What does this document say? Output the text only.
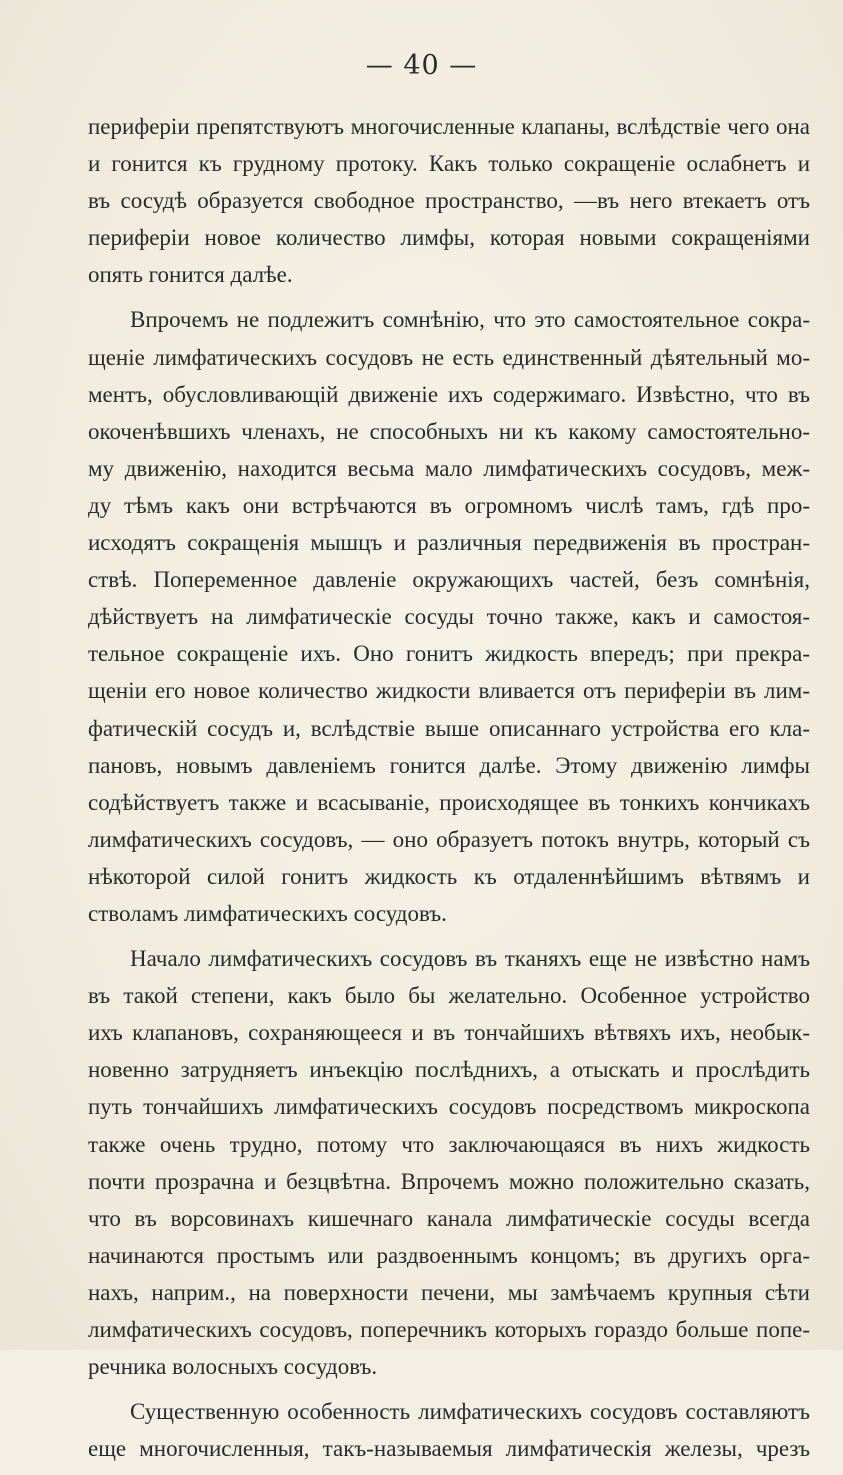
— 40 —
периферіи препятствуютъ многочисленные клапаны, вслѣдствіе чего она
и гонится къ грудному протоку. Какъ только сокращеніе ослабнетъ и
въ сосудѣ образуется свободное пространство, —въ него втекаетъ отъ
периферіи новое количество лимфы, которая новыми сокращеніями
опять гонится далѣе.
Впрочемъ не подлежитъ сомнѣнію, что это самостоятельное сокра-
щеніе лимфатическихъ сосудовъ не есть единственный дѣятельный мо-
ментъ, обусловливающій движеніе ихъ содержимаго. Извѣстно, что въ
окоченѣвшихъ членахъ, не способныхъ ни къ какому самостоятельно-
му движенію, находится весьма мало лимфатическихъ сосудовъ, меж-
ду тѣмъ какъ они встрѣчаются въ огромномъ числѣ тамъ, гдѣ про-
исходятъ сокращенія мышцъ и различныя передвиженія въ простран-
ствѣ. Попеременное давленіе окружающихъ частей, безъ сомнѣнія,
дѣйствуетъ на лимфатическіе сосуды точно также, какъ и самостоя-
тельное сокращеніе ихъ. Оно гонитъ жидкость впередъ; при прекра-
щеніи его новое количество жидкости вливается отъ периферіи въ лим-
фатическій сосудъ и, вслѣдствіе выше описаннаго устройства его кла-
пановъ, новымъ давленіемъ гонится далѣе. Этому движенію лимфы
содѣйствуетъ также и всасываніе, происходящее въ тонкихъ кончикахъ
лимфатическихъ сосудовъ, — оно образуетъ потокъ внутрь, который съ
нѣкоторой силой гонитъ жидкость къ отдаленнѣйшимъ вѣтвямъ и
стволамъ лимфатическихъ сосудовъ.
Начало лимфатическихъ сосудовъ въ тканяхъ еще не извѣстно намъ
въ такой степени, какъ было бы желательно. Особенное устройство
ихъ клапановъ, сохраняющееся и въ тончайшихъ вѣтвяхъ ихъ, необык-
новенно затрудняетъ инъекцію послѣднихъ, а отыскать и прослѣдить
путь тончайшихъ лимфатическихъ сосудовъ посредствомъ микроскопа
также очень трудно, потому что заключающаяся въ нихъ жидкость
почти прозрачна и безцвѣтна. Впрочемъ можно положительно сказать,
что въ ворсовинахъ кишечнаго канала лимфатическіе сосуды всегда
начинаются простымъ или раздвоеннымъ концомъ; въ другихъ орга-
нахъ, наприм., на поверхности печени, мы замѣчаемъ крупныя сѣти
лимфатическихъ сосудовъ, поперечникъ которыхъ гораздо больше попе-
речника волосныхъ сосудовъ.
Существенную особенность лимфатическихъ сосудовъ составляютъ
еще многочисленныя, такъ-называемыя лимфатическія железы, чрезъ
